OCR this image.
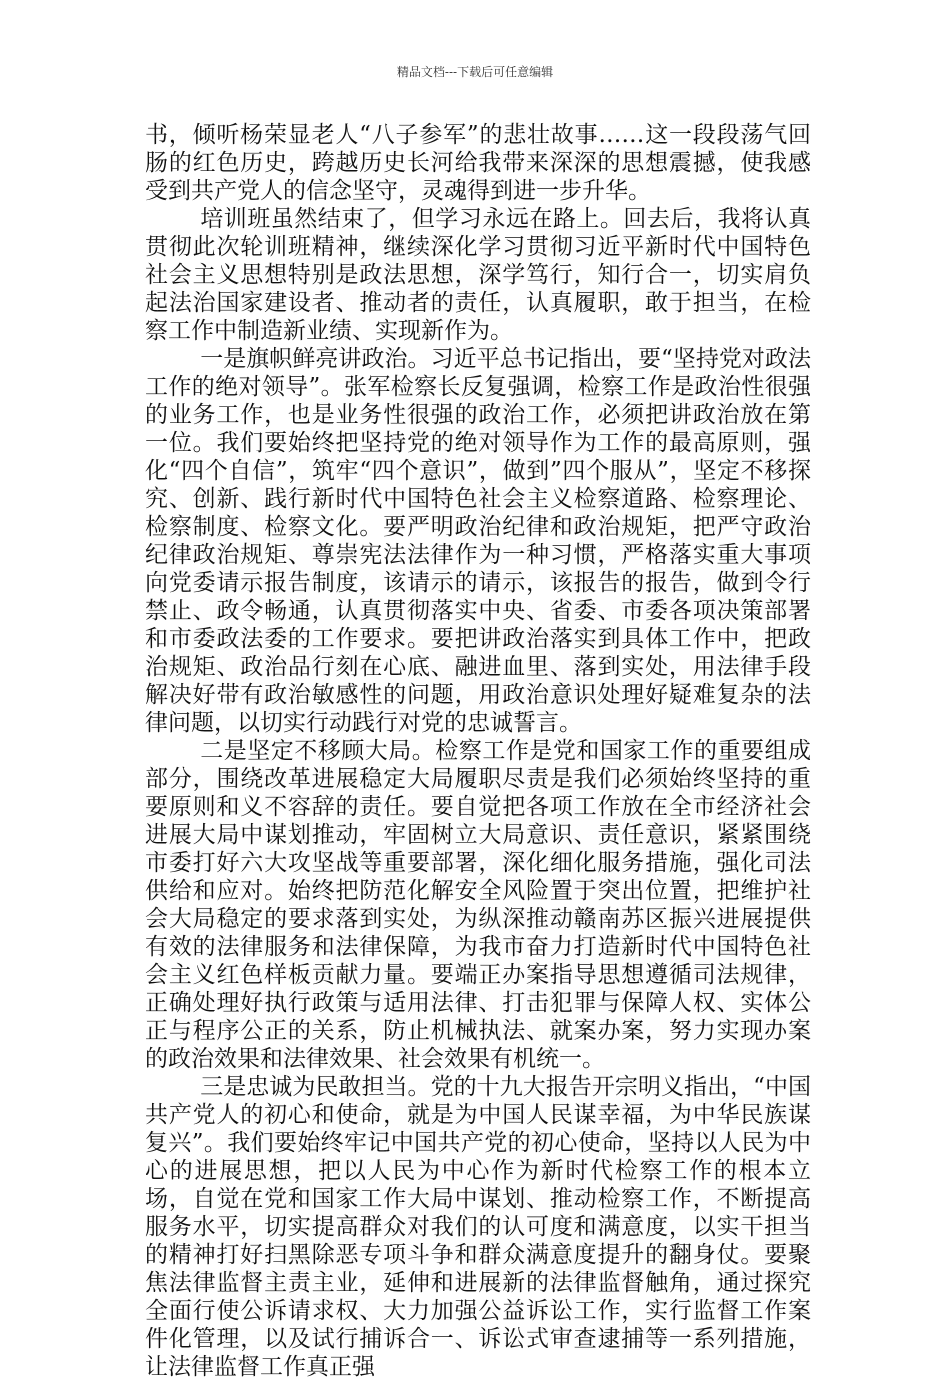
精品文档---下载后可任意编辑

书，倾听杨荣显老人“八子参军”的悲壮故事……这一段段荡气回肠的红色历史，跨越历史长河给我带来深深的思想震撼，使我感受到共产党人的信念坚守，灵魂得到进一步升华。

培训班虽然结束了，但学习永远在路上。回去后，我将认真贯彻此次轮训班精神，继续深化学习贯彻习近平新时代中国特色社会主义思想特别是政法思想，深学笃行，知行合一，切实肩负起法治国家建设者、推动者的责任，认真履职，敢于担当，在检察工作中制造新业绩、实现新作为。

一是旗帜鲜亮讲政治。习近平总书记指出，要“坚持党对政法工作的绝对领导”。张军检察长反复强调，检察工作是政治性很强的业务工作，也是业务性很强的政治工作，必须把讲政治放在第一位。我们要始终把坚持党的绝对领导作为工作的最高原则，强化“四个自信”，筑牢“四个意识”，做到”四个服从”，坚定不移探究、创新、践行新时代中国特色社会主义检察道路、检察理论、检察制度、检察文化。要严明政治纪律和政治规矩，把严守政治纪律政治规矩、尊崇宪法法律作为一种习惯，严格落实重大事项向党委请示报告制度，该请示的请示，该报告的报告，做到令行禁止、政令畅通，认真贯彻落实中央、省委、市委各项决策部署和市委政法委的工作要求。要把讲政治落实到具体工作中，把政治规矩、政治品行刻在心底、融进血里、落到实处，用法律手段解决好带有政治敏感性的问题，用政治意识处理好疑难复杂的法律问题，以切实行动践行对党的忠诚誓言。

二是坚定不移顾大局。检察工作是党和国家工作的重要组成部分，围绕改革进展稳定大局履职尽责是我们必须始终坚持的重要原则和义不容辞的责任。要自觉把各项工作放在全市经济社会进展大局中谋划推动，牢固树立大局意识、责任意识，紧紧围绕市委打好六大攻坚战等重要部署，深化细化服务措施，强化司法供给和应对。始终把防范化解安全风险置于突出位置，把维护社会大局稳定的要求落到实处，为纵深推动赣南苏区振兴进展提供有效的法律服务和法律保障，为我市奋力打造新时代中国特色社会主义红色样板贡献力量。要端正办案指导思想遵循司法规律，正确处理好执行政策与适用法律、打击犯罪与保障人权、实体公正与程序公正的关系，防止机械执法、就案办案，努力实现办案的政治效果和法律效果、社会效果有机统一。

三是忠诚为民敢担当。党的十九大报告开宗明义指出，“中国共产党人的初心和使命，就是为中国人民谋幸福，为中华民族谋复兴”。我们要始终牢记中国共产党的初心使命，坚持以人民为中心的进展思想，把以人民为中心作为新时代检察工作的根本立场，自觉在党和国家工作大局中谋划、推动检察工作，不断提高服务水平，切实提高群众对我们的认可度和满意度，以实干担当的精神打好扫黑除恶专项斗争和群众满意度提升的翻身仗。要聚焦法律监督主责主业，延伸和进展新的法律监督触角，通过探究全面行使公诉请求权、大力加强公益诉讼工作，实行监督工作案件化管理，以及试行捕诉合一、诉讼式审查逮捕等一系列措施，让法律监督工作真正强
